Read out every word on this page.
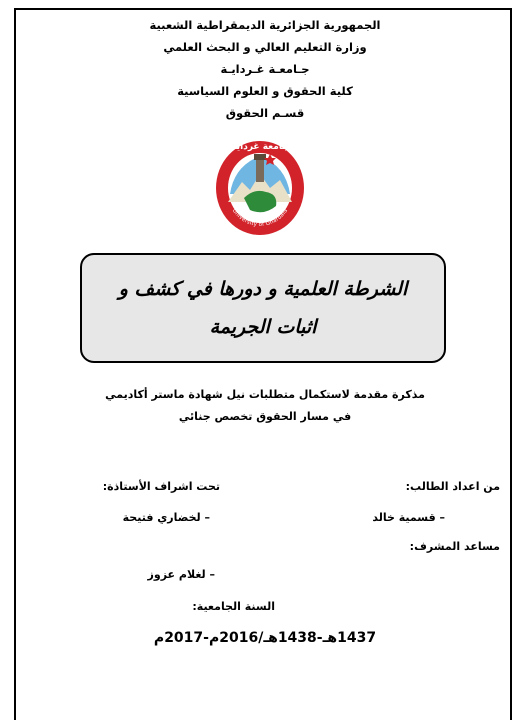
الجمهورية الجزائرية الديمقراطية الشعبية
وزارة التعليم العالي و البحث العلمي
جـامعـة غـردايـة
كلية الحقوق و العلوم السياسية
قسـم الحقوق
جامعة غرداية
University of Ghardaia
الشرطة العلمية و دورها في كشف و اثبات الجريمة
مذكرة مقدمة لاستكمال متطلبات نيل شهادة ماستر أكاديمي
في مسار الحقوق تخصص جنائي
من اعداد الطالب:
تحت اشراف الأستاذة:
– قسمية خالد
– لخضاري فتيحة
مساعد المشرف:
– لغلام عزوز
السنة الجامعية:
1437هـ-1438هـ/2016م-2017م
